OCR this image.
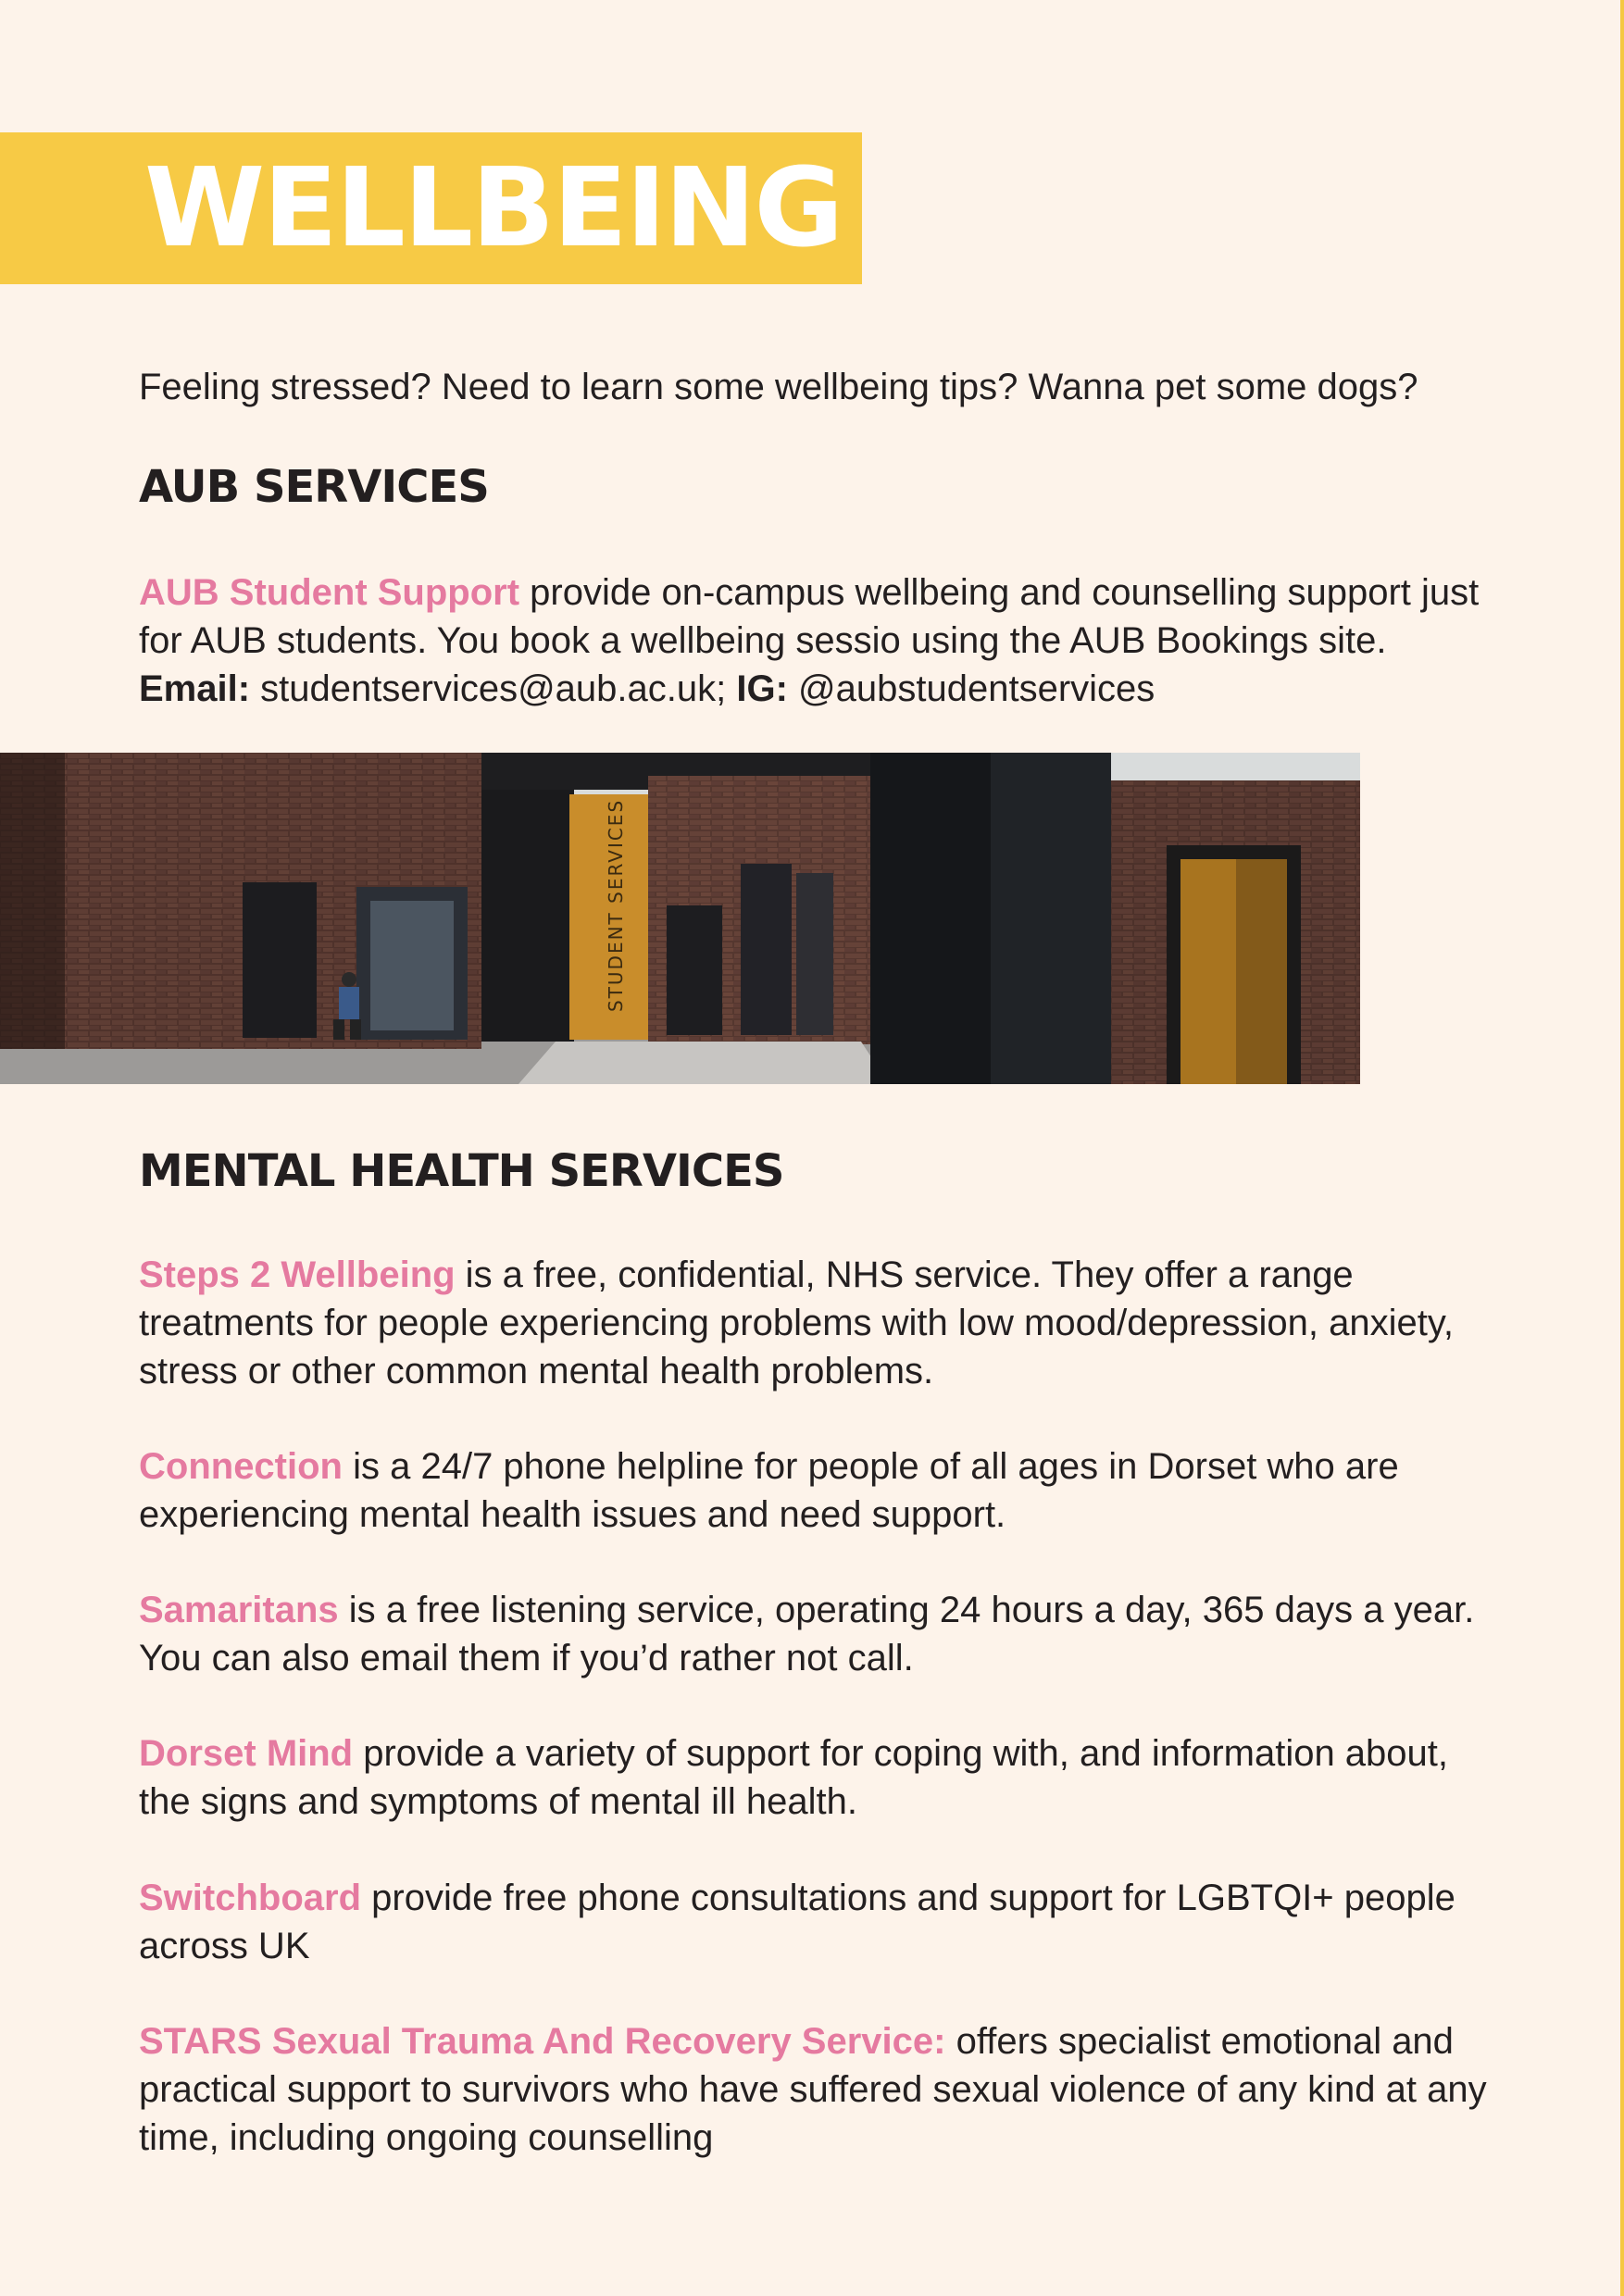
WELLBEING

Feeling stressed? Need to learn some wellbeing tips? Wanna pet some dogs?

AUB SERVICES

AUB Student Support provide on-campus wellbeing and counselling support just for AUB students. You book a wellbeing sessio using the AUB Bookings site.
Email: studentservices@aub.ac.uk; IG: @aubstudentservices

STUDENT SERVICES
MENTAL HEALTH SERVICES

Steps 2 Wellbeing is a free, confidential, NHS service. They offer a range treatments for people experiencing problems with low mood/depression, anxiety, stress or other common mental health problems.

Connection is a 24/7 phone helpline for people of all ages in Dorset who are experiencing mental health issues and need support.

Samaritans is a free listening service, operating 24 hours a day, 365 days a year. You can also email them if you’d rather not call.

Dorset Mind provide a variety of support for coping with, and information about, the signs and symptoms of mental ill health.

Switchboard provide free phone consultations and support for LGBTQI+ people across UK

STARS Sexual Trauma And Recovery Service: offers specialist emotional and practical support to survivors who have suffered sexual violence of any kind at any time, including ongoing counselling
